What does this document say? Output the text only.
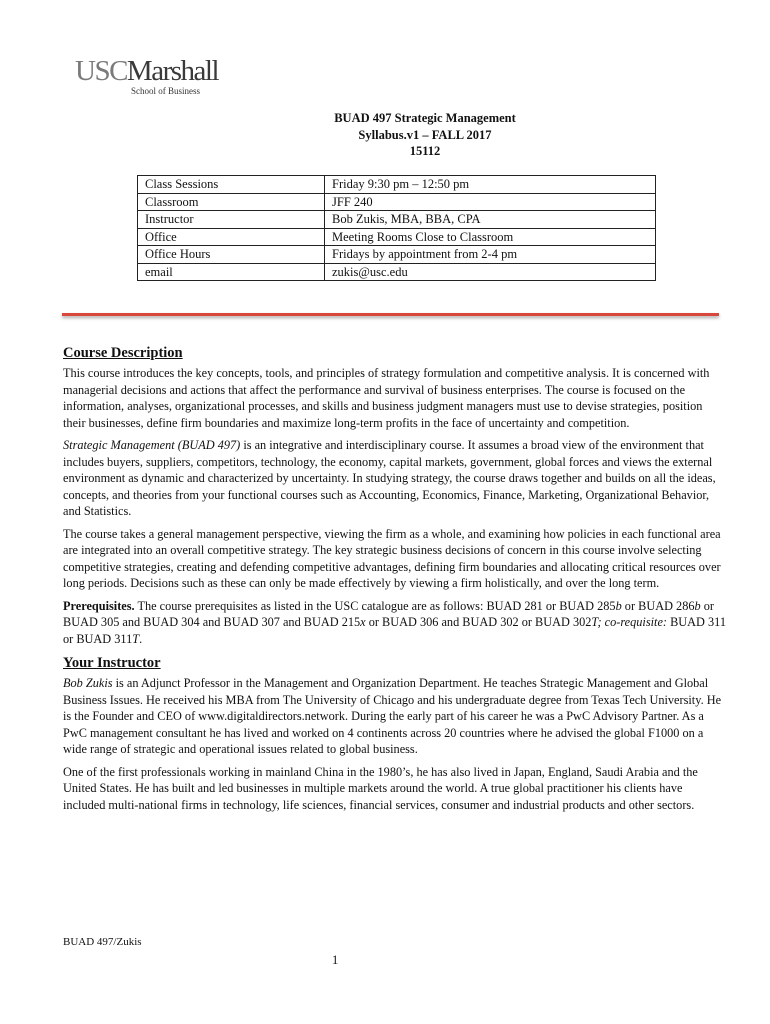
USCMarshall
School of Business
BUAD 497 Strategic Management
Syllabus.v1 – FALL 2017
15112
Class Sessions	Friday 9:30 pm – 12:50 pm
Classroom	JFF 240
Instructor	Bob Zukis, MBA, BBA, CPA
Office	Meeting Rooms Close to Classroom
Office Hours	Fridays by appointment from 2-4 pm
email	zukis@usc.edu
Course Description

This course introduces the key concepts, tools, and principles of strategy formulation and competitive analysis. It is concerned with managerial decisions and actions that affect the performance and survival of business enterprises. The course is focused on the information, analyses, organizational processes, and skills and business judgment managers must use to devise strategies, position their businesses, define firm boundaries and maximize long-term profits in the face of uncertainty and competition.

Strategic Management (BUAD 497) is an integrative and interdisciplinary course. It assumes a broad view of the environment that includes buyers, suppliers, competitors, technology, the economy, capital markets, government, global forces and views the external environment as dynamic and characterized by uncertainty. In studying strategy, the course draws together and builds on all the ideas, concepts, and theories from your functional courses such as Accounting, Economics, Finance, Marketing, Organizational Behavior, and Statistics.

The course takes a general management perspective, viewing the firm as a whole, and examining how policies in each functional area are integrated into an overall competitive strategy. The key strategic business decisions of concern in this course involve selecting competitive strategies, creating and defending competitive advantages, defining firm boundaries and allocating critical resources over long periods. Decisions such as these can only be made effectively by viewing a firm holistically, and over the long term.

Prerequisites. The course prerequisites as listed in the USC catalogue are as follows: BUAD 281 or BUAD 285b or BUAD 286b or BUAD 305 and BUAD 304 and BUAD 307 and BUAD 215x or BUAD 306 and BUAD 302 or BUAD 302T; co-requisite: BUAD 311 or BUAD 311T.

Your Instructor

Bob Zukis is an Adjunct Professor in the Management and Organization Department. He teaches Strategic Management and Global Business Issues. He received his MBA from The University of Chicago and his undergraduate degree from Texas Tech University. He is the Founder and CEO of www.digitaldirectors.network. During the early part of his career he was a PwC Advisory Partner. As a PwC management consultant he has lived and worked on 4 continents across 20 countries where he advised the global F1000 on a wide range of strategic and operational issues related to global business.

One of the first professionals working in mainland China in the 1980’s, he has also lived in Japan, England, Saudi Arabia and the United States. He has built and led businesses in multiple markets around the world. A true global practitioner his clients have included multi-national firms in technology, life sciences, financial services, consumer and industrial products and other sectors.

BUAD 497/Zukis
1
